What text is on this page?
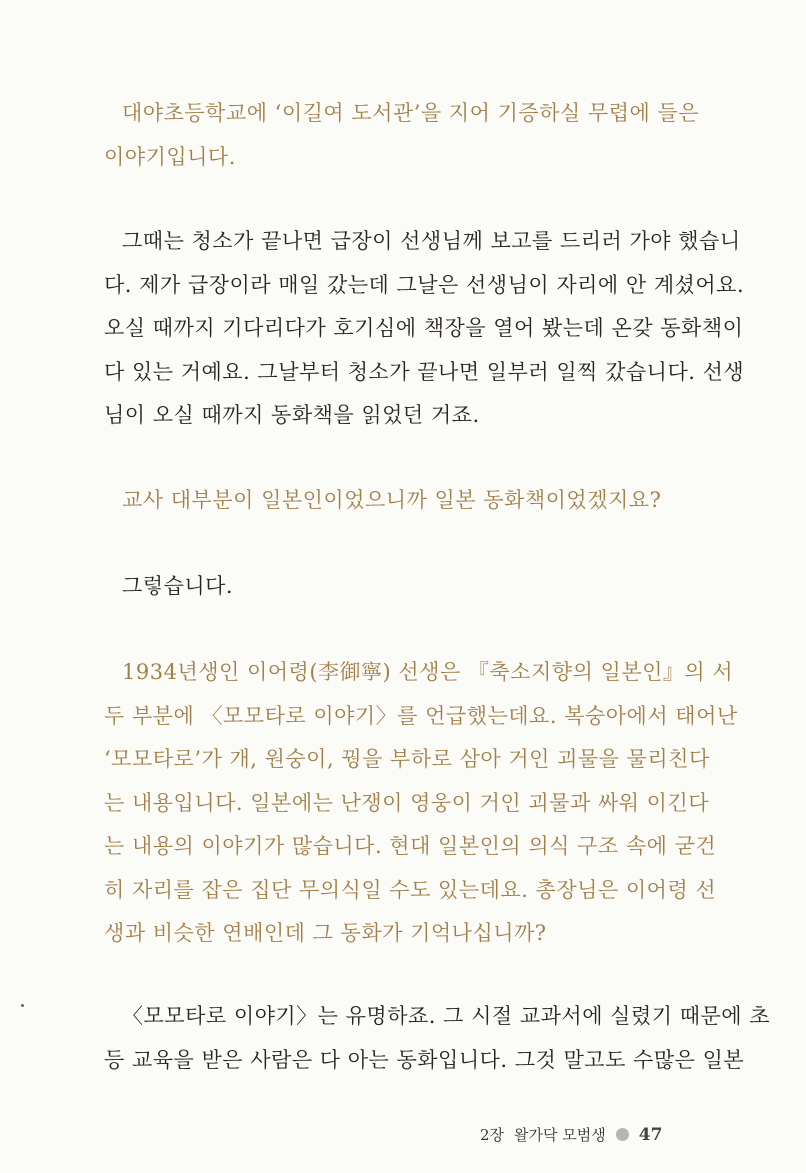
대야초등학교에 ‘이길여 도서관’을 지어 기증하실 무렵에 들은
이야기입니다.

그때는 청소가 끝나면 급장이 선생님께 보고를 드리러 가야 했습니
다. 제가 급장이라 매일 갔는데 그날은 선생님이 자리에 안 계셨어요.
오실 때까지 기다리다가 호기심에 책장을 열어 봤는데 온갖 동화책이
다 있는 거예요. 그날부터 청소가 끝나면 일부러 일찍 갔습니다. 선생
님이 오실 때까지 동화책을 읽었던 거죠.

교사 대부분이 일본인이었으니까 일본 동화책이었겠지요?

그렇습니다.

1934년생인 이어령(李御寧) 선생은 『축소지향의 일본인』의 서
두 부분에 〈모모타로 이야기〉를 언급했는데요. 복숭아에서 태어난
‘모모타로’가 개, 원숭이, 꿩을 부하로 삼아 거인 괴물을 물리친다
는 내용입니다. 일본에는 난쟁이 영웅이 거인 괴물과 싸워 이긴다
는 내용의 이야기가 많습니다. 현대 일본인의 의식 구조 속에 굳건
히 자리를 잡은 집단 무의식일 수도 있는데요. 총장님은 이어령 선
생과 비슷한 연배인데 그 동화가 기억나십니까?

〈모모타로 이야기〉는 유명하죠. 그 시절 교과서에 실렸기 때문에 초
등 교육을 받은 사람은 다 아는 동화입니다. 그것 말고도 수많은 일본

2장 왈가닥 모범생 47
